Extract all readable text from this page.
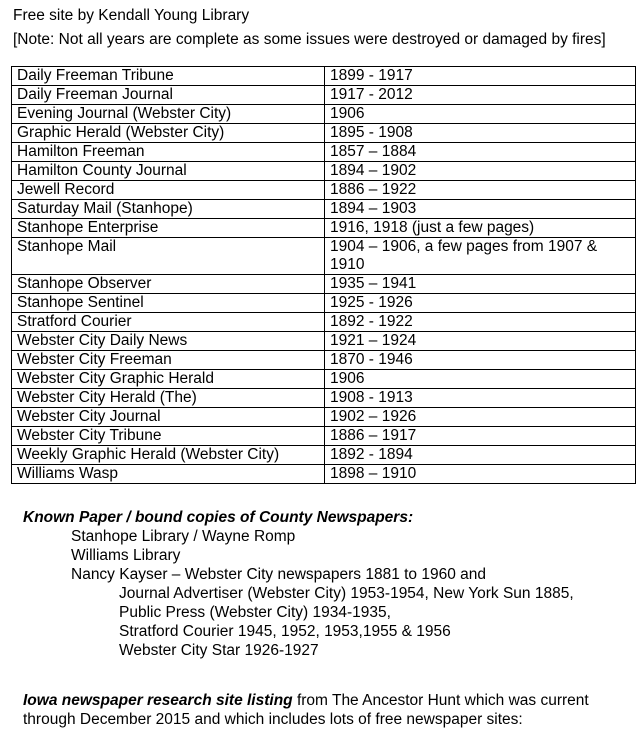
Free site by Kendall Young Library
[Note: Not all years are complete as some issues were destroyed or damaged by fires]
Daily Freeman Tribune	1899 - 1917
Daily Freeman Journal	1917 - 2012
Evening Journal (Webster City)	1906
Graphic Herald (Webster City)	1895 - 1908
Hamilton Freeman	1857 – 1884
Hamilton County Journal	1894 – 1902
Jewell Record	1886 – 1922
Saturday Mail (Stanhope)	1894 – 1903
Stanhope Enterprise	1916, 1918 (just a few pages)
Stanhope Mail	1904 – 1906, a few pages from 1907 & 1910
Stanhope Observer	1935 – 1941
Stanhope Sentinel	1925 - 1926
Stratford Courier	1892 - 1922
Webster City Daily News	1921 – 1924
Webster City Freeman	1870 - 1946
Webster City Graphic Herald	1906
Webster City Herald (The)	1908 - 1913
Webster City Journal	1902 – 1926
Webster City Tribune	1886 – 1917
Weekly Graphic Herald (Webster City)	1892 - 1894
Williams Wasp	1898 – 1910
Known Paper / bound copies of County Newspapers:
Stanhope Library / Wayne Romp
Williams Library
Nancy Kayser – Webster City newspapers 1881 to 1960 and
Journal Advertiser (Webster City) 1953-1954, New York Sun 1885,
Public Press (Webster City) 1934-1935,
Stratford Courier 1945, 1952, 1953,1955 & 1956
Webster City Star 1926-1927
Iowa newspaper research site listing from The Ancestor Hunt which was current
through December 2015 and which includes lots of free newspaper sites:
